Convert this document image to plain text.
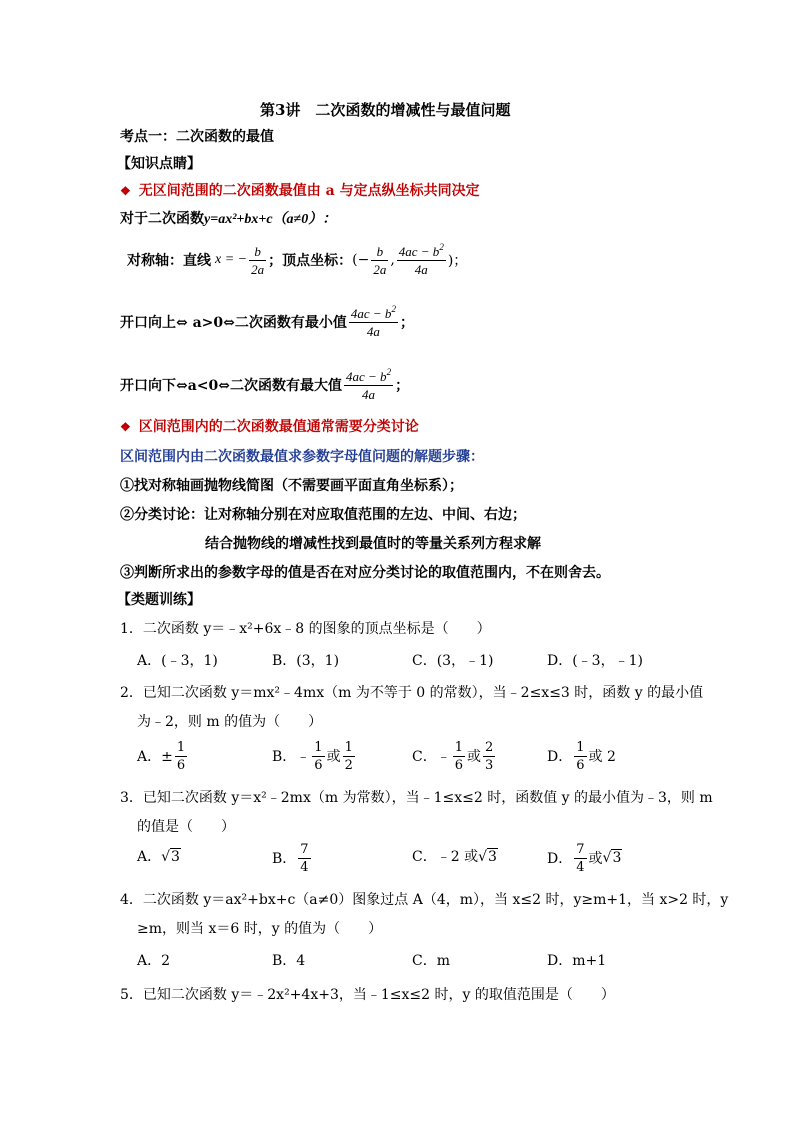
第3讲　二次函数的增减性与最值问题
考点一：二次函数的最值
【知识点睛】
❖ 无区间范围的二次函数最值由 a 与定点纵坐标共同决定
对于二次函数y=ax²+bx+c（a≠0）：
对称轴：直线 x = − $\frac{b}{2a}$ ；顶点坐标： (− $\frac{b}{2a}$ , $\frac{4ac - b^2}{4a}$ )；
开口向上⇔ a>0⇔二次函数有最小值 $\frac{4ac - b^2}{4a}$ ；
开口向下⇔a<0⇔二次函数有最大值 $\frac{4ac - b^2}{4a}$ ；
❖ 区间范围内的二次函数最值通常需要分类讨论
区间范围内由二次函数最值求参数字母值问题的解题步骤：
①找对称轴画抛物线简图（不需要画平面直角坐标系）；
②分类讨论：让对称轴分别在对应取值范围的左边、中间、右边；
结合抛物线的增减性找到最值时的等量关系列方程求解
③判断所求出的参数字母的值是否在对应分类讨论的取值范围内，不在则舍去。
【类题训练】
1．二次函数 y＝﹣x²+6x﹣8 的图象的顶点坐标是（　　）
A．(﹣3，1)	B．(3，1)	C．(3，﹣1)	D．(﹣3，﹣1)
2．已知二次函数 y＝mx²﹣4mx（m 为不等于 0 的常数），当﹣2≤x≤3 时，函数 y 的最小值
为﹣2，则 m 的值为（　　）
A．± $\frac{1}{6}$	B．﹣ $\frac{1}{6}$ 或 $\frac{1}{2}$	C．﹣ $\frac{1}{6}$ 或 $\frac{2}{3}$	D． $\frac{1}{6}$ 或 2
3．已知二次函数 y＝x²﹣2mx（m 为常数），当﹣1≤x≤2 时，函数值 y 的最小值为﹣3，则 m
的值是（　　）
A．√3	B． $\frac{7}{4}$	C．﹣2 或√3	D． $\frac{7}{4}$ 或 √3
4．二次函数 y＝ax²+bx+c（a≠0）图象过点 A（4，m），当 x≤2 时，y≥m+1，当 x>2 时，y
≥m，则当 x＝6 时，y 的值为（　　）
A．2	B．4	C．m	D．m+1
5．已知二次函数 y＝﹣2x²+4x+3，当﹣1≤x≤2 时，y 的取值范围是（　　）
